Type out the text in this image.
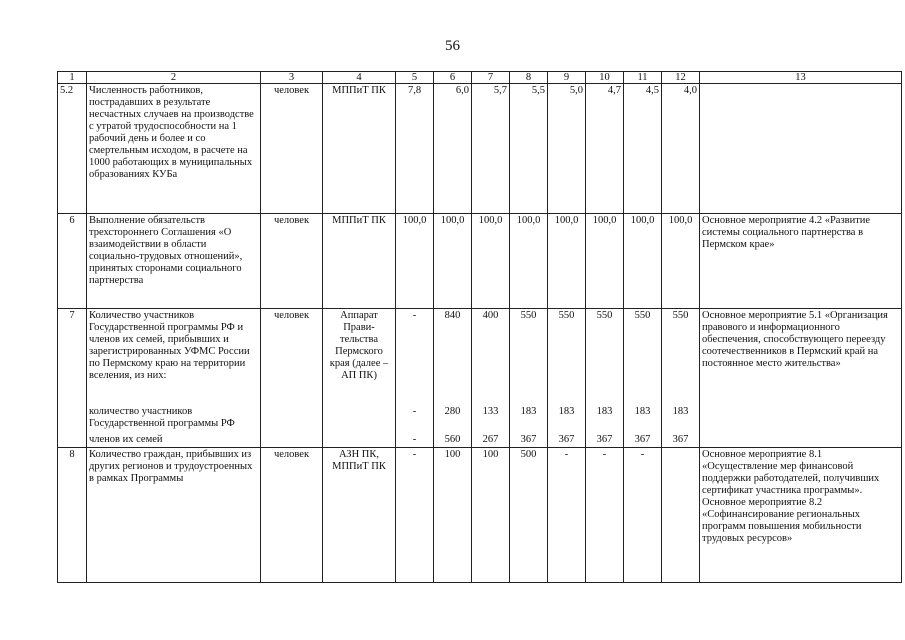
56
1	2	3	4	5	6	7	8	9	10	11	12	13
5.2	Численность работников, пострадавших в результате несчастных случаев на производстве с утратой трудоспособности на 1 рабочий день и более и со смертельным исходом, в расчете на 1000 работающих в муниципальных образованиях КУБа	человек	МППиТ ПК	7,8	6,0	5,7	5,5	5,0	4,7	4,5	4,0	
6	Выполнение обязательств трехстороннего Соглашения «О взаимодействии в области социально-трудовых отношений», принятых сторонами социального партнерства	человек	МППиТ ПК	100,0	100,0	100,0	100,0	100,0	100,0	100,0	100,0	Основное мероприятие 4.2 «Развитие системы социального партнерства в Пермском крае»
7	Количество участников Государственной программы РФ и членов их семей, прибывших и зарегистрированных УФМС России по Пермскому краю на территории вселения, из них:	человек	Аппарат Прави-тельства Пермского края (далее – АП ПК)	-	840	400	550	550	550	550	550	Основное мероприятие 5.1 «Организация правового и информационного обеспечения, способствующего переезду соотечественников в Пермский край на постоянное место жительства»
	количество участников Государственной программы РФ			-	280	133	183	183	183	183	183	
	членов их семей			-	560	267	367	367	367	367	367	
8	Количество граждан, прибывших из других регионов и трудоустроенных в рамках Программы	человек	АЗН ПК, МППиТ ПК	-	100	100	500	-	-	-		Основное мероприятие 8.1 «Осуществление мер финансовой поддержки работодателей, получивших сертификат участника программы».
Основное мероприятие 8.2 «Софинансирование региональных программ повышения мобильности трудовых ресурсов»
